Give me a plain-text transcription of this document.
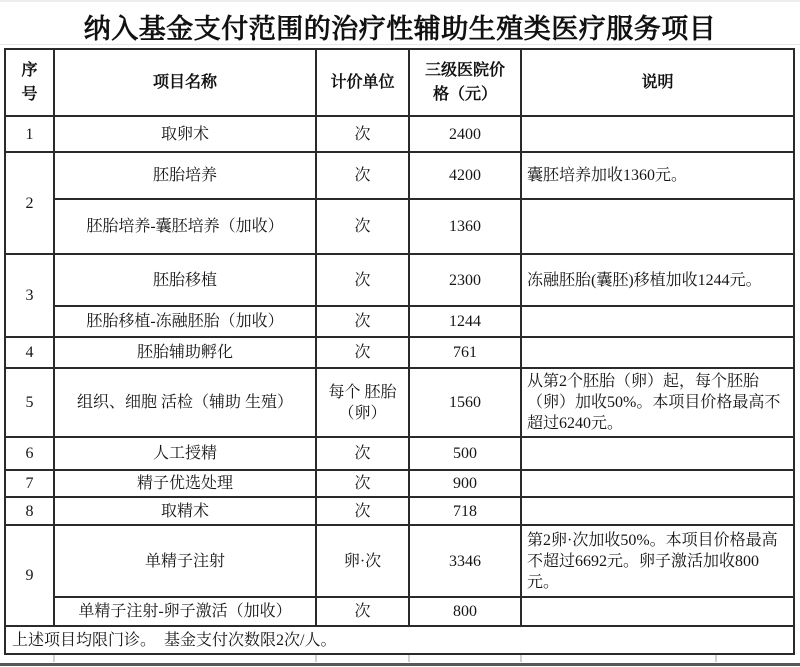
纳入基金支付范围的治疗性辅助生殖类医疗服务项目
序号	项目名称	计价单位	三级医院价格（元）	说明
1	取卵术	次	2400	
2	胚胎培养	次	4200	囊胚培养加收1360元。
	胚胎培养-囊胚培养（加收）	次	1360	
3	胚胎移植	次	2300	冻融胚胎(囊胚)移植加收1244元。
	胚胎移植-冻融胚胎（加收）	次	1244	
4	胚胎辅助孵化	次	761	
5	组织、细胞 活检（辅助 生殖）	每个 胚胎（卵）	1560	从第2个胚胎（卵）起，每个胚胎（卵）加收50%。本项目价格最高不超过6240元。
6	人工授精	次	500	
7	精子优选处理	次	900	
8	取精术	次	718	
9	单精子注射	卵·次	3346	第2卵·次加收50%。本项目价格最高不超过6692元。卵子激活加收800元。
	单精子注射-卵子激活（加收）	次	800	
上述项目均限门诊。　基金支付次数限2次/人。				
